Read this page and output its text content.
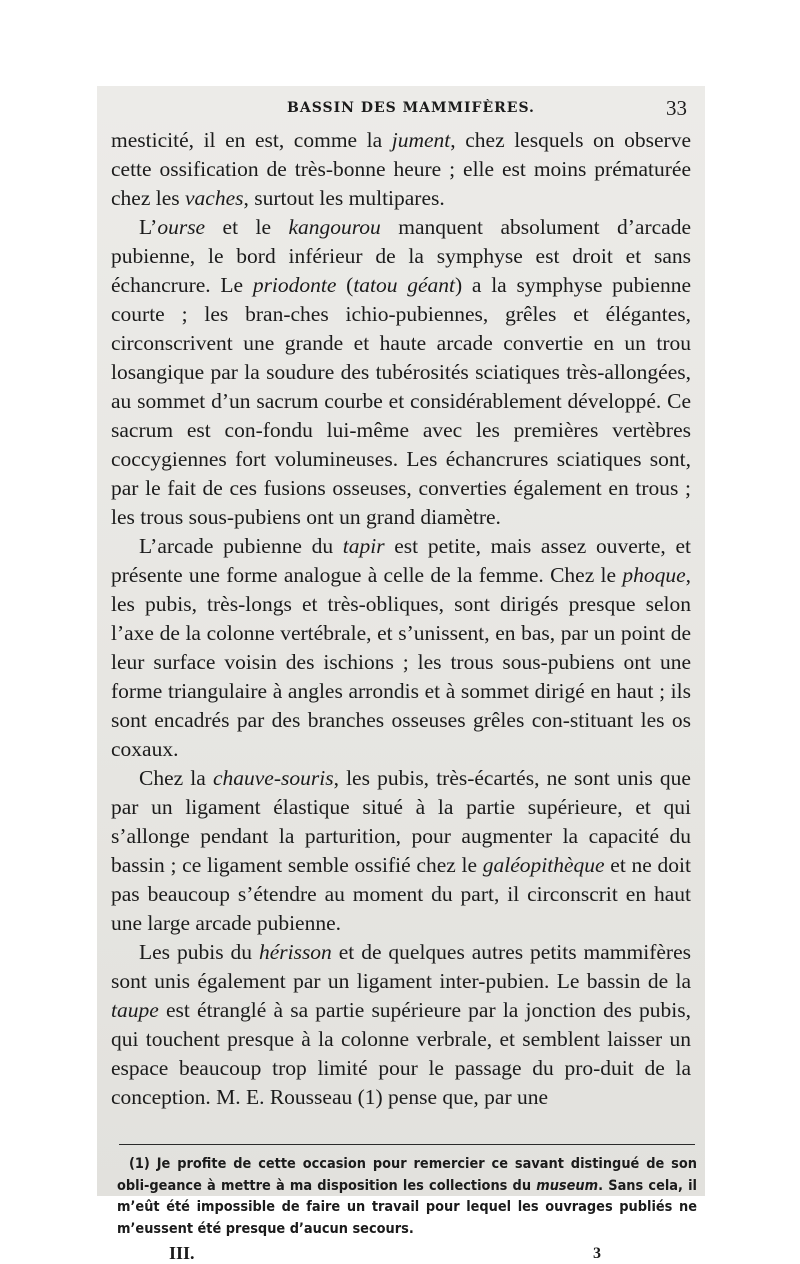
BASSIN DES MAMMIFÈRES.	33

mesticité, il en est, comme la jument, chez lesquels on observe cette ossification de très-bonne heure ; elle est moins prématurée chez les vaches, surtout les multipares.

L’ourse et le kangourou manquent absolument d’arcade pubienne, le bord inférieur de la symphyse est droit et sans échancrure. Le priodonte (tatou géant) a la symphyse pubienne courte ; les bran-ches ichio-pubiennes, grêles et élégantes, circonscrivent une grande et haute arcade convertie en un trou losangique par la soudure des tubérosités sciatiques très-allongées, au sommet d’un sacrum courbe et considérablement développé. Ce sacrum est con-fondu lui-même avec les premières vertèbres coccygiennes fort volumineuses. Les échancrures sciatiques sont, par le fait de ces fusions osseuses, converties également en trous ; les trous sous-pubiens ont un grand diamètre.

L’arcade pubienne du tapir est petite, mais assez ouverte, et présente une forme analogue à celle de la femme. Chez le phoque, les pubis, très-longs et très-obliques, sont dirigés presque selon l’axe de la colonne vertébrale, et s’unissent, en bas, par un point de leur surface voisin des ischions ; les trous sous-pubiens ont une forme triangulaire à angles arrondis et à sommet dirigé en haut ; ils sont encadrés par des branches osseuses grêles con-stituant les os coxaux.

Chez la chauve-souris, les pubis, très-écartés, ne sont unis que par un ligament élastique situé à la partie supérieure, et qui s’allonge pendant la parturition, pour augmenter la capacité du bassin ; ce ligament semble ossifié chez le galéopithèque et ne doit pas beaucoup s’étendre au moment du part, il circonscrit en haut une large arcade pubienne.

Les pubis du hérisson et de quelques autres petits mammifères sont unis également par un ligament inter-pubien. Le bassin de la taupe est étranglé à sa partie supérieure par la jonction des pubis, qui touchent presque à la colonne verbrale, et semblent laisser un espace beaucoup trop limité pour le passage du pro-duit de la conception. M. E. Rousseau (1) pense que, par une

(1) Je profite de cette occasion pour remercier ce savant distingué de son obli-geance à mettre à ma disposition les collections du museum. Sans cela, il m’eût été impossible de faire un travail pour lequel les ouvrages publiés ne m’eussent été presque d’aucun secours.

III.	3
